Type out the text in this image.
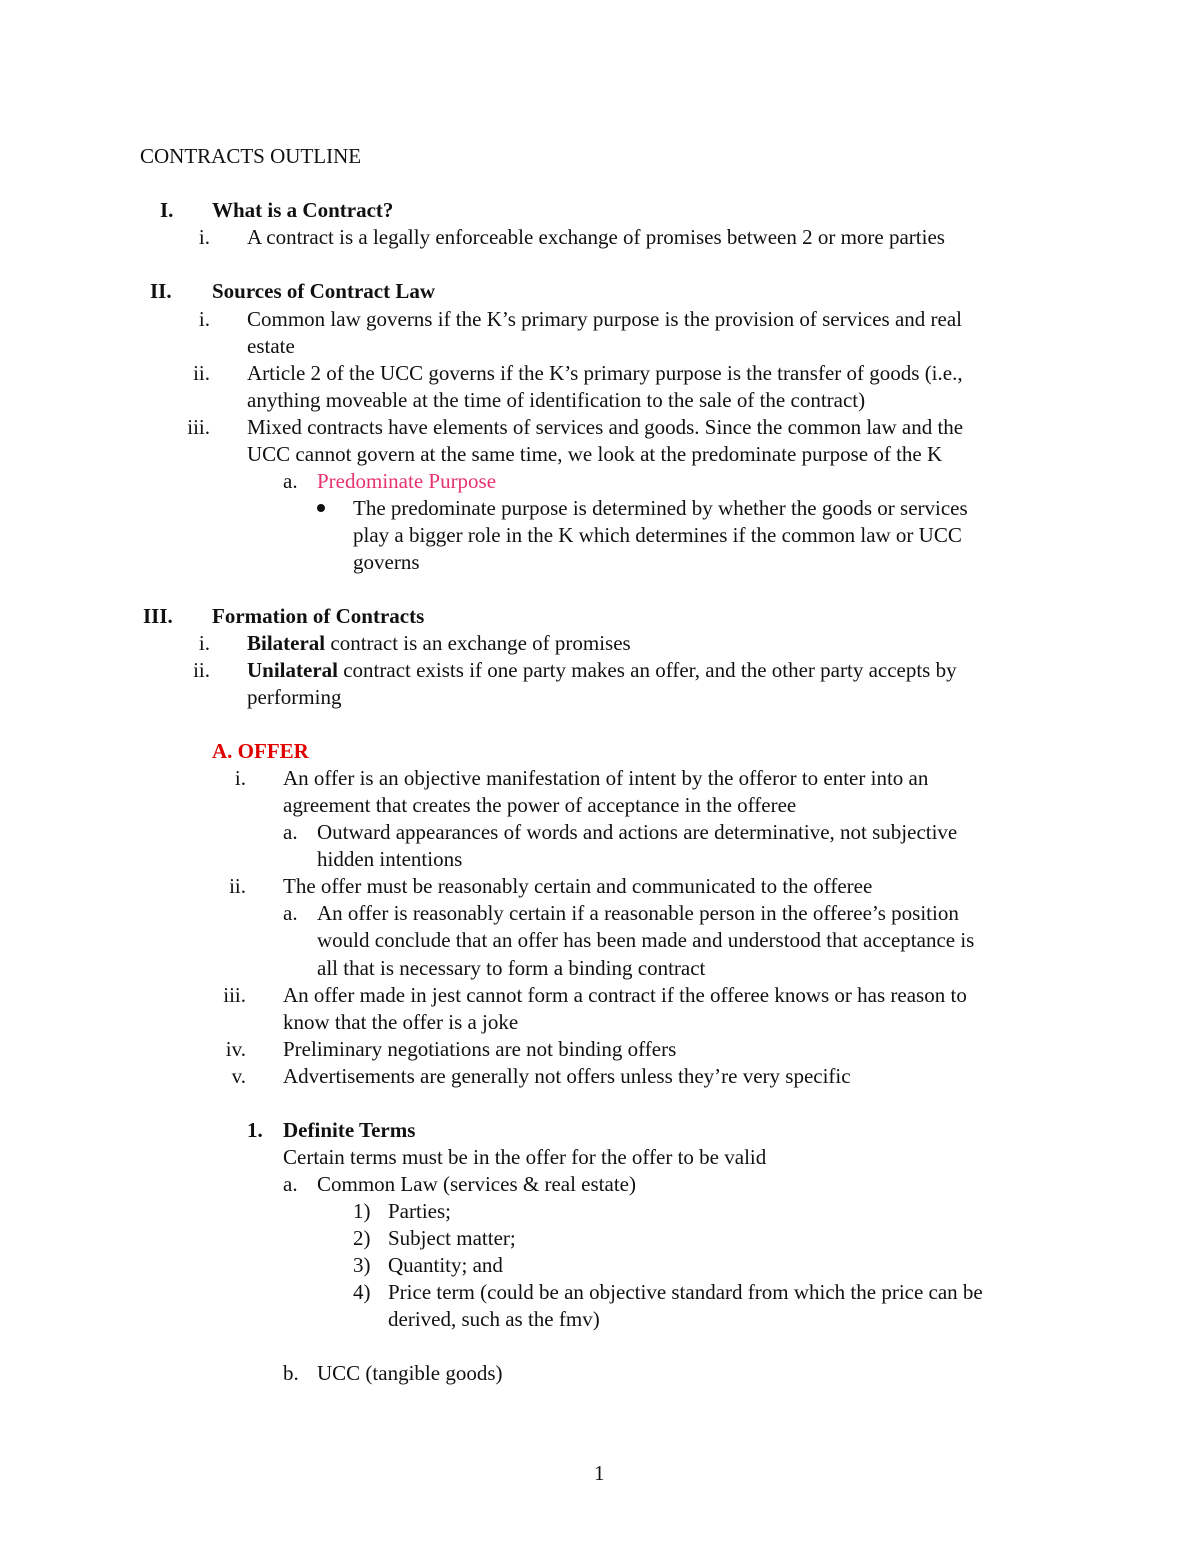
CONTRACTS OUTLINE
I. What is a Contract?
i. A contract is a legally enforceable exchange of promises between 2 or more parties
II. Sources of Contract Law
i. Common law governs if the K’s primary purpose is the provision of services and real
estate
ii. Article 2 of the UCC governs if the K’s primary purpose is the transfer of goods (i.e.,
anything moveable at the time of identification to the sale of the contract)
iii. Mixed contracts have elements of services and goods. Since the common law and the
UCC cannot govern at the same time, we look at the predominate purpose of the K
a. Predominate Purpose
The predominate purpose is determined by whether the goods or services
play a bigger role in the K which determines if the common law or UCC
governs
III. Formation of Contracts
i. Bilateral contract is an exchange of promises
ii. Unilateral contract exists if one party makes an offer, and the other party accepts by
performing
A. OFFER
i. An offer is an objective manifestation of intent by the offeror to enter into an
agreement that creates the power of acceptance in the offeree
a. Outward appearances of words and actions are determinative, not subjective
hidden intentions
ii. The offer must be reasonably certain and communicated to the offeree
a. An offer is reasonably certain if a reasonable person in the offeree’s position
would conclude that an offer has been made and understood that acceptance is
all that is necessary to form a binding contract
iii. An offer made in jest cannot form a contract if the offeree knows or has reason to
know that the offer is a joke
iv. Preliminary negotiations are not binding offers
v. Advertisements are generally not offers unless they’re very specific
1. Definite Terms
Certain terms must be in the offer for the offer to be valid
a. Common Law (services & real estate)
1) Parties;
2) Subject matter;
3) Quantity; and
4) Price term (could be an objective standard from which the price can be
derived, such as the fmv)
b. UCC (tangible goods)
1
